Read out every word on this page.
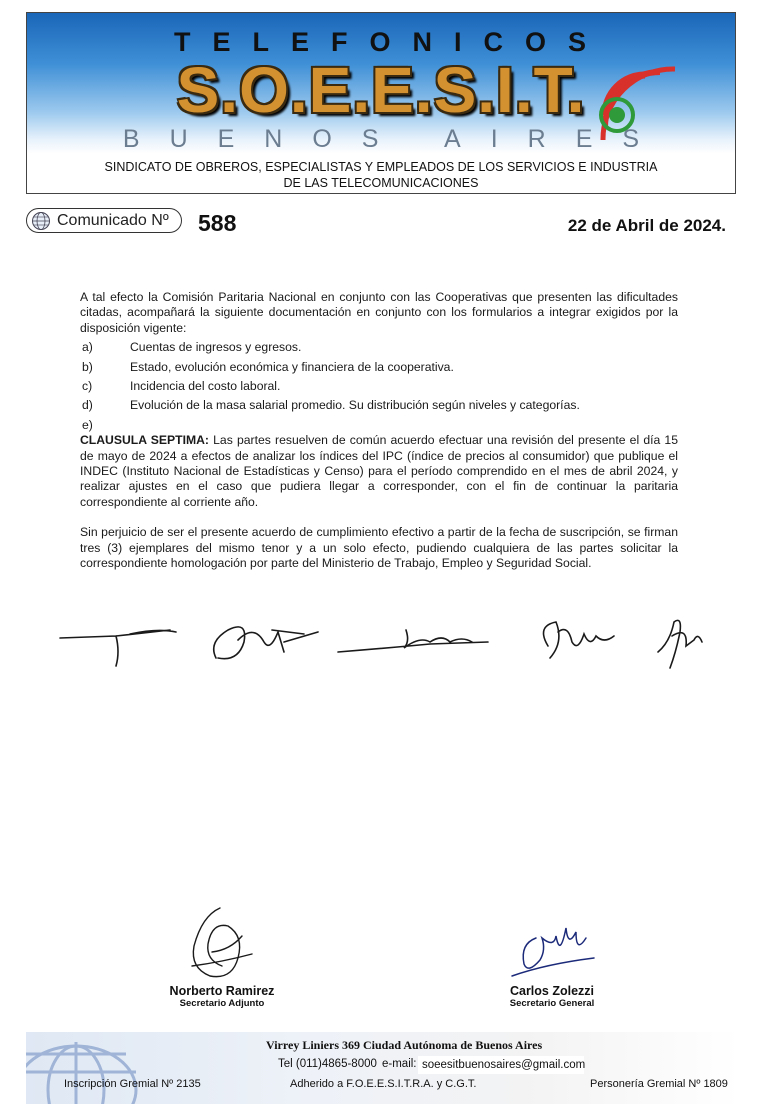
TELEFONICOS
S.O.E.E.S.I.T.
BUENOS AIRES
SINDICATO DE OBREROS, ESPECIALISTAS Y EMPLEADOS DE LOS SERVICIOS E INDUSTRIA
DE LAS TELECOMUNICACIONES
Comunicado Nº 588	22 de Abril de 2024.

A tal efecto la Comisión Paritaria Nacional en conjunto con las Cooperativas que presenten las dificultades citadas, acompañará la siguiente documentación en conjunto con los formularios a integrar exigidos por la disposición vigente:

a)	Cuentas de ingresos y egresos.
b)	Estado, evolución económica y financiera de la cooperativa.
c)	Incidencia del costo laboral.
d)	Evolución de la masa salarial promedio. Su distribución según niveles y categorías.
e)

CLAUSULA SEPTIMA: Las partes resuelven de común acuerdo efectuar una revisión del presente el día 15 de mayo de 2024 a efectos de analizar los índices del IPC (índice de precios al consumidor) que publique el INDEC (Instituto Nacional de Estadísticas y Censo) para el período comprendido en el mes de abril 2024, y realizar ajustes en el caso que pudiera llegar a corresponder, con el fin de continuar la paritaria correspondiente al corriente año.

Sin perjuicio de ser el presente acuerdo de cumplimiento efectivo a partir de la fecha de suscripción, se firman tres (3) ejemplares del mismo tenor y a un solo efecto, pudiendo cualquiera de las partes solicitar la correspondiente homologación por parte del Ministerio de Trabajo, Empleo y Seguridad Social.

Norberto Ramirez
Secretario Adjunto
Carlos Zolezzi
Secretario General
Virrey Liniers 369 Ciudad Autónoma de Buenos Aires
Tel (011)4865-8000 e-mail: soeesitbuenosaires@gmail.com
Inscripción Gremial Nº 2135	Adherido a F.O.E.E.S.I.T.R.A. y C.G.T.	Personería Gremial Nº 1809
